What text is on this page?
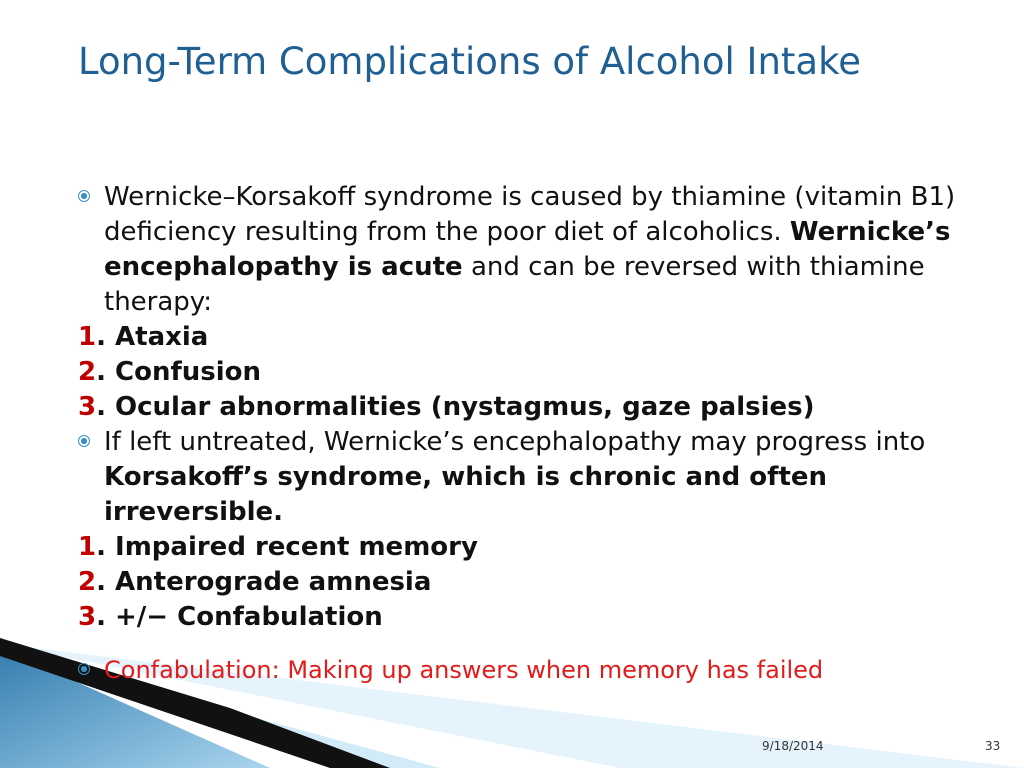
Long-Term Complications of Alcohol Intake
Wernicke–Korsakoff syndrome is caused by thiamine (vitamin B1) deficiency resulting from the poor diet of alcoholics. Wernicke’s encephalopathy is acute and can be reversed with thiamine therapy:
1. Ataxia
2. Confusion
3. Ocular abnormalities (nystagmus, gaze palsies)
If left untreated, Wernicke’s encephalopathy may progress into Korsakoff’s syndrome, which is chronic and often irreversible.
1. Impaired recent memory
2. Anterograde amnesia
3. +/− Confabulation
Confabulation: Making up answers when memory has failed
9/18/2014	33
